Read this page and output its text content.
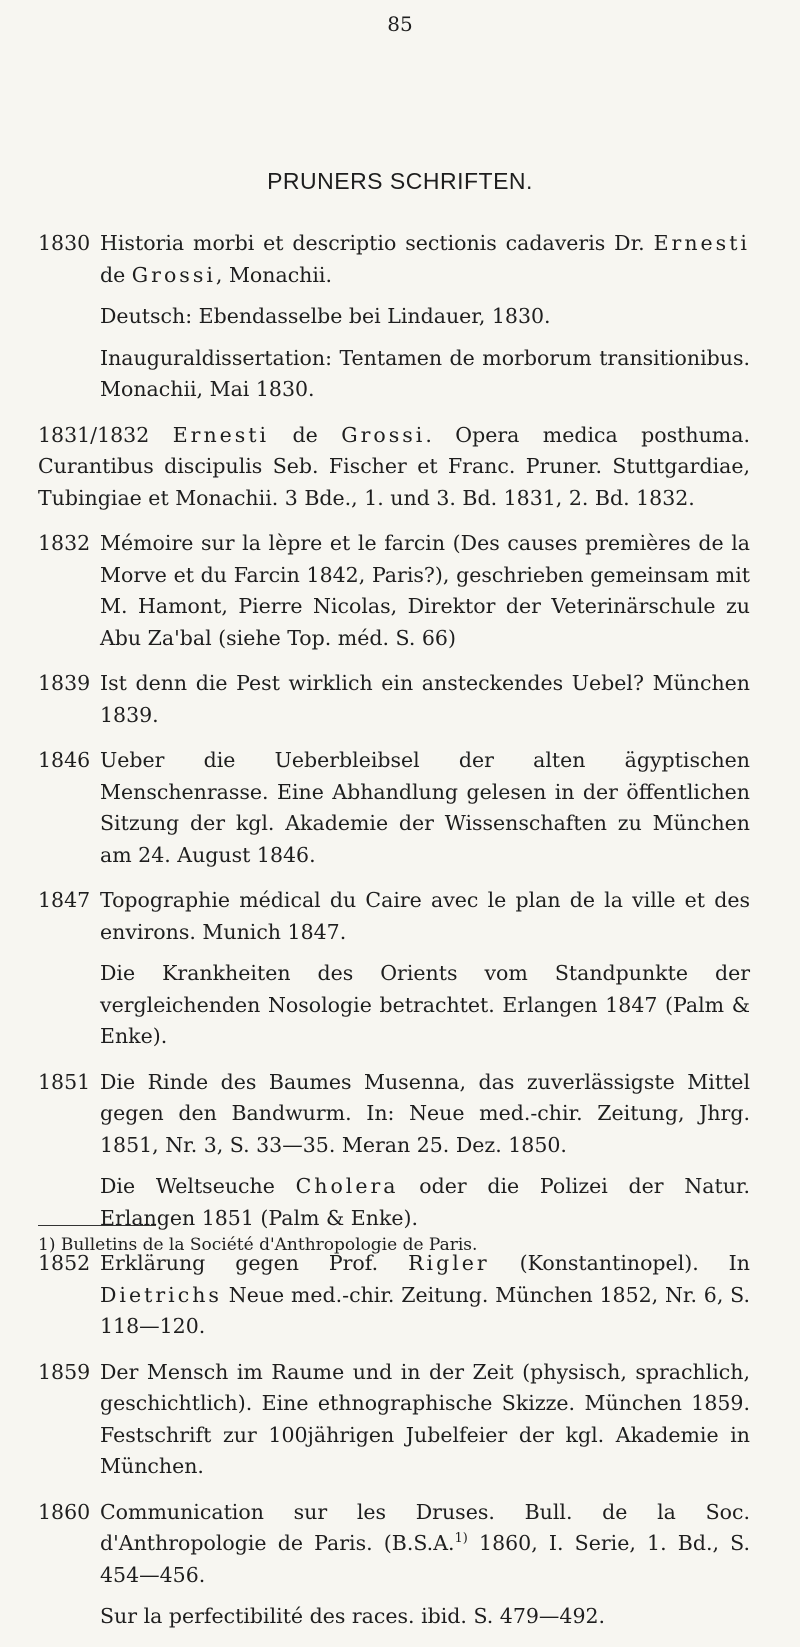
85
PRUNERS SCHRIFTEN.
1830 Historia morbi et descriptio sectionis cadaveris Dr. Ernesti de Grossi, Monachii.

Deutsch: Ebendasselbe bei Lindauer, 1830.

Inauguraldissertation: Tentamen de morborum transitionibus. Monachii, Mai 1830.

1831/1832 Ernesti de Grossi. Opera medica posthuma. Curantibus discipulis Seb. Fischer et Franc. Pruner. Stuttgardiae, Tubingiae et Monachii. 3 Bde., 1. und 3. Bd. 1831, 2. Bd. 1832.

1832 Mémoire sur la lèpre et le farcin (Des causes premières de la Morve et du Farcin 1842, Paris?), geschrieben gemeinsam mit M. Hamont, Pierre Nicolas, Direktor der Veterinärschule zu Abu Za'bal (siehe Top. méd. S. 66)

1839 Ist denn die Pest wirklich ein ansteckendes Uebel? München 1839.

1846 Ueber die Ueberbleibsel der alten ägyptischen Menschenrasse. Eine Abhandlung gelesen in der öffentlichen Sitzung der kgl. Akademie der Wissenschaften zu München am 24. August 1846.

1847 Topographie médical du Caire avec le plan de la ville et des environs. Munich 1847.

Die Krankheiten des Orients vom Standpunkte der vergleichenden Nosologie betrachtet. Erlangen 1847 (Palm & Enke).

1851 Die Rinde des Baumes Musenna, das zuverlässigste Mittel gegen den Bandwurm. In: Neue med.-chir. Zeitung, Jhrg. 1851, Nr. 3, S. 33—35. Meran 25. Dez. 1850.

Die Weltseuche Cholera oder die Polizei der Natur. Erlangen 1851 (Palm & Enke).

1852 Erklärung gegen Prof. Rigler (Konstantinopel). In Dietrichs Neue med.-chir. Zeitung. München 1852, Nr. 6, S. 118—120.

1859 Der Mensch im Raume und in der Zeit (physisch, sprachlich, geschichtlich). Eine ethnographische Skizze. München 1859. Festschrift zur 100jährigen Jubelfeier der kgl. Akademie in München.

1860 Communication sur les Druses. Bull. de la Soc. d'Anthropologie de Paris. (B.S.A.$^{1)}$ 1860, I. Serie, 1. Bd., S. 454—456.

Sur la perfectibilité des races. ibid. S. 479—492.

1) Bulletins de la Société d'Anthropologie de Paris.
